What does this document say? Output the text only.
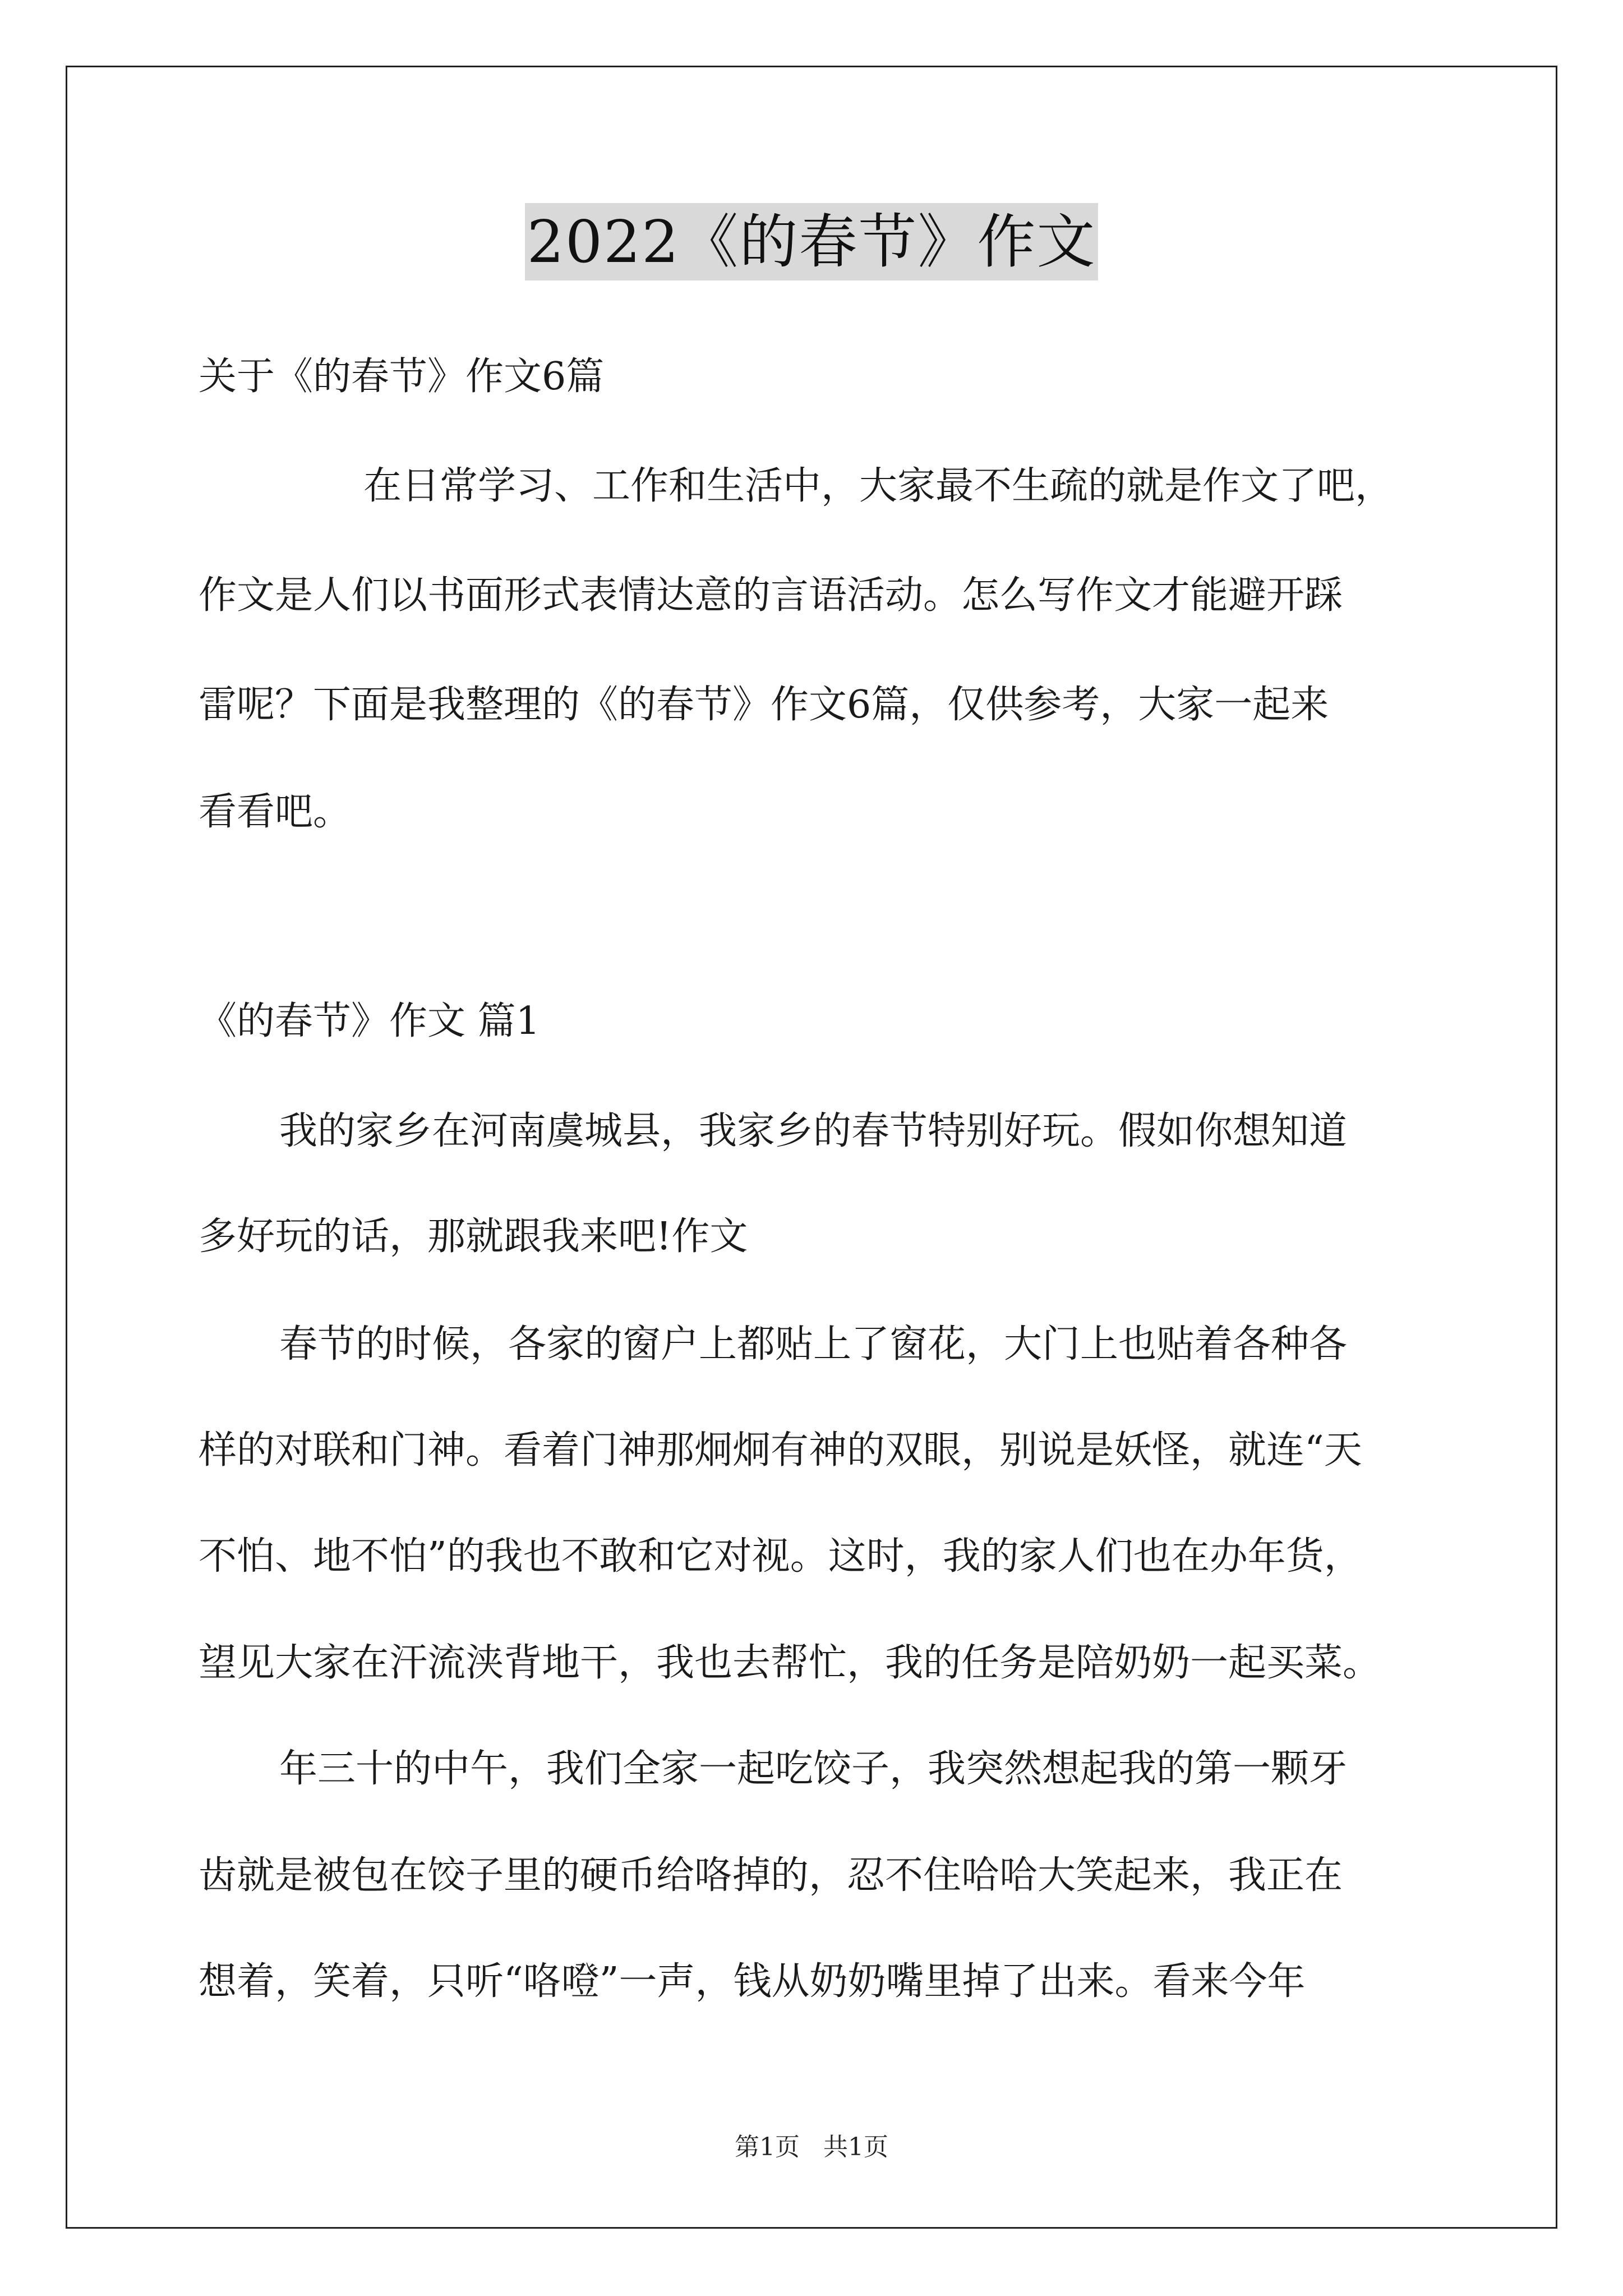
2022《的春节》作文
关于《的春节》作文6篇
在日常学习、工作和生活中，大家最不生疏的就是作文了吧，
作文是人们以书面形式表情达意的言语活动。怎么写作文才能避开踩
雷呢？下面是我整理的《的春节》作文6篇，仅供参考，大家一起来
看看吧。
《的春节》作文 篇1
我的家乡在河南虞城县，我家乡的春节特别好玩。假如你想知道
多好玩的话，那就跟我来吧!作文
春节的时候，各家的窗户上都贴上了窗花，大门上也贴着各种各
样的对联和门神。看着门神那炯炯有神的双眼，别说是妖怪，就连“天
不怕、地不怕”的我也不敢和它对视。这时，我的家人们也在办年货，
望见大家在汗流浃背地干，我也去帮忙，我的任务是陪奶奶一起买菜。
年三十的中午，我们全家一起吃饺子，我突然想起我的第一颗牙
齿就是被包在饺子里的硬币给咯掉的，忍不住哈哈大笑起来，我正在
想着，笑着，只听“咯噔”一声，钱从奶奶嘴里掉了出来。看来今年
第1页 共1页
